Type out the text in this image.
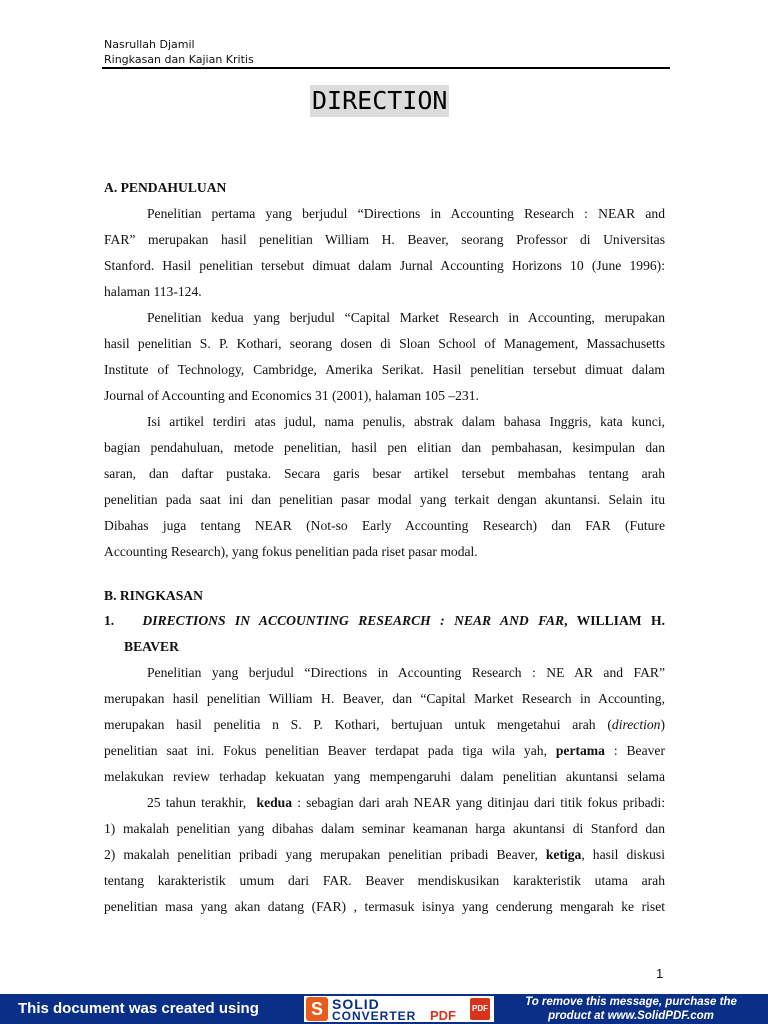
Nasrullah Djamil
Ringkasan dan Kajian Kritis
DIRECTION
A. PENDAHULUAN
Penelitian pertama yang berjudul “Directions in Accounting Research : NEAR and
FAR” merupakan hasil penelitian William H. Beaver, seorang Professor di Universitas
Stanford. Hasil penelitian tersebut dimuat dalam Jurnal Accounting Horizons 10 (June 1996):
halaman 113-124.
Penelitian kedua yang berjudul “Capital Market Research in Accounting, merupakan
hasil penelitian S. P. Kothari, seorang dosen di Sloan School of Management, Massachusetts
Institute of Technology, Cambridge, Amerika Serikat. Hasil penelitian tersebut dimuat dalam
Journal of Accounting and Economics 31 (2001), halaman 105 –231.
Isi artikel terdiri atas judul, nama penulis, abstrak dalam bahasa Inggris, kata kunci,
bagian pendahuluan, metode penelitian, hasil pen elitian dan pembahasan, kesimpulan dan
saran, dan daftar pustaka. Secara garis besar artikel tersebut membahas tentang arah
penelitian pada saat ini dan penelitian pasar modal yang terkait dengan akuntansi. Selain itu
Dibahas juga tentang NEAR (Not-so Early Accounting Research) dan FAR (Future
Accounting Research), yang fokus penelitian pada riset pasar modal.
B. RINGKASAN
1. DIRECTIONS IN ACCOUNTING RESEARCH : NEAR AND FAR, WILLIAM H.
BEAVER
Penelitian yang berjudul “Directions in Accounting Research : NE AR and FAR”
merupakan hasil penelitian William H. Beaver, dan “Capital Market Research in Accounting,
merupakan hasil penelitia n S. P. Kothari, bertujuan untuk mengetahui arah (direction)
penelitian saat ini. Fokus penelitian Beaver terdapat pada tiga wila yah, pertama : Beaver
melakukan review terhadap kekuatan yang mempengaruhi dalam penelitian akuntansi selama
25 tahun terakhir, kedua : sebagian dari arah NEAR yang ditinjau dari titik fokus pribadi:
1) makalah penelitian yang dibahas dalam seminar keamanan harga akuntansi di Stanford dan
2) makalah penelitian pribadi yang merupakan penelitian pribadi Beaver, ketiga, hasil diskusi
tentang karakteristik umum dari FAR. Beaver mendiskusikan karakteristik utama arah
penelitian masa yang akan datang (FAR) , termasuk isinya yang cenderung mengarah ke riset
1
This document was created using	S SOLID
CONVERTER PDF PDF
To remove this message, purchase the
product at www.SolidPDF.com
